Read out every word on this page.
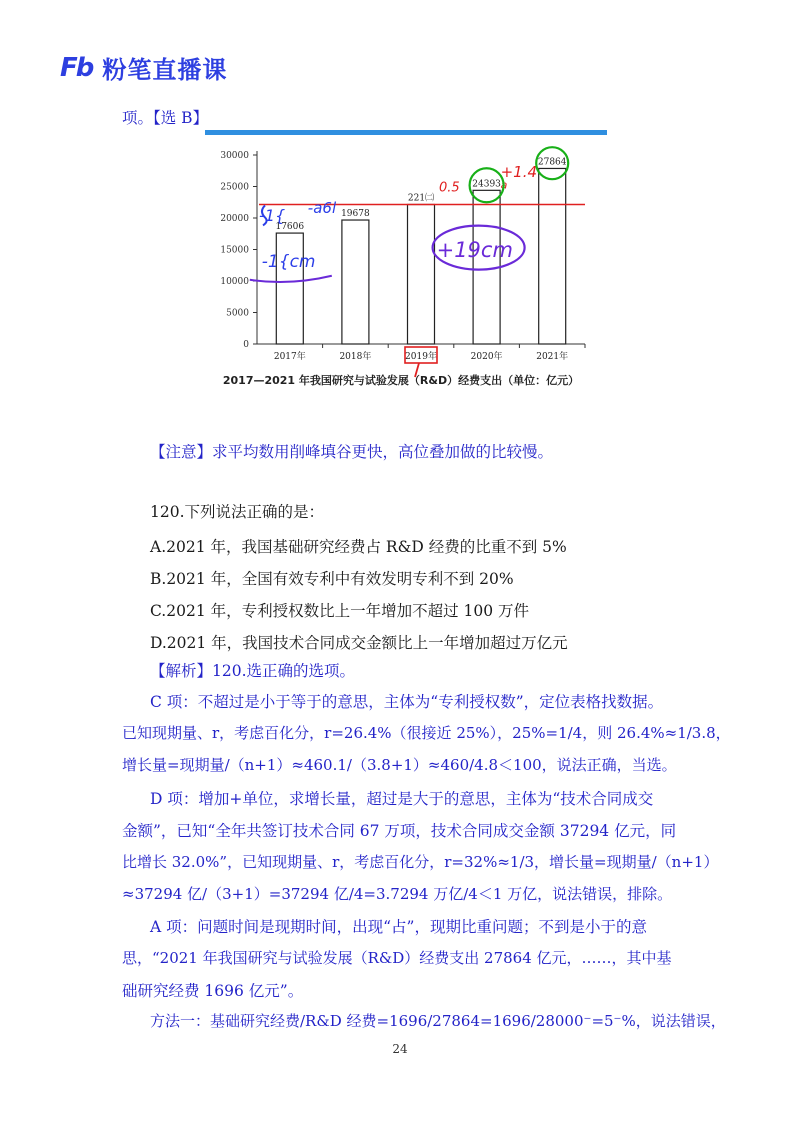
Fb 粉笔直播课
项。【选 B】
0
5000
10000
15000
20000
25000
30000
17606
2017年
19678
2018年
221㈡
2019年
24393
2020年
27864
2021年
2017—2021 年我国研究与试验发展（R&D）经费支出（单位：亿元）
-1{ -a6l
-1{cm
+19cm
0.5
+1.4
a
【注意】求平均数用削峰填谷更快，高位叠加做的比较慢。
120.下列说法正确的是：
A.2021 年，我国基础研究经费占 R&D 经费的比重不到 5%
B.2021 年，全国有效专利中有效发明专利不到 20%
C.2021 年，专利授权数比上一年增加不超过 100 万件
D.2021 年，我国技术合同成交金额比上一年增加超过万亿元
【解析】120.选正确的选项。
C 项：不超过是小于等于的意思，主体为“专利授权数”，定位表格找数据。
已知现期量、r，考虑百化分，r=26.4%（很接近 25%），25%=1/4，则 26.4%≈1/3.8，
增长量=现期量/（n+1）≈460.1/（3.8+1）≈460/4.8＜100，说法正确，当选。
D 项：增加+单位，求增长量，超过是大于的意思，主体为“技术合同成交
金额”，已知“全年共签订技术合同 67 万项，技术合同成交金额 37294 亿元，同
比增长 32.0%”，已知现期量、r，考虑百化分，r=32%≈1/3，增长量=现期量/（n+1）
≈37294 亿/（3+1）=37294 亿/4=3.7294 万亿/4＜1 万亿，说法错误，排除。
A 项：问题时间是现期时间，出现“占”，现期比重问题；不到是小于的意
思，“2021 年我国研究与试验发展（R&D）经费支出 27864 亿元，……，其中基
础研究经费 1696 亿元”。
方法一：基础研究经费/R&D 经费=1696/27864=1696/28000⁻=5⁻%，说法错误，
24
